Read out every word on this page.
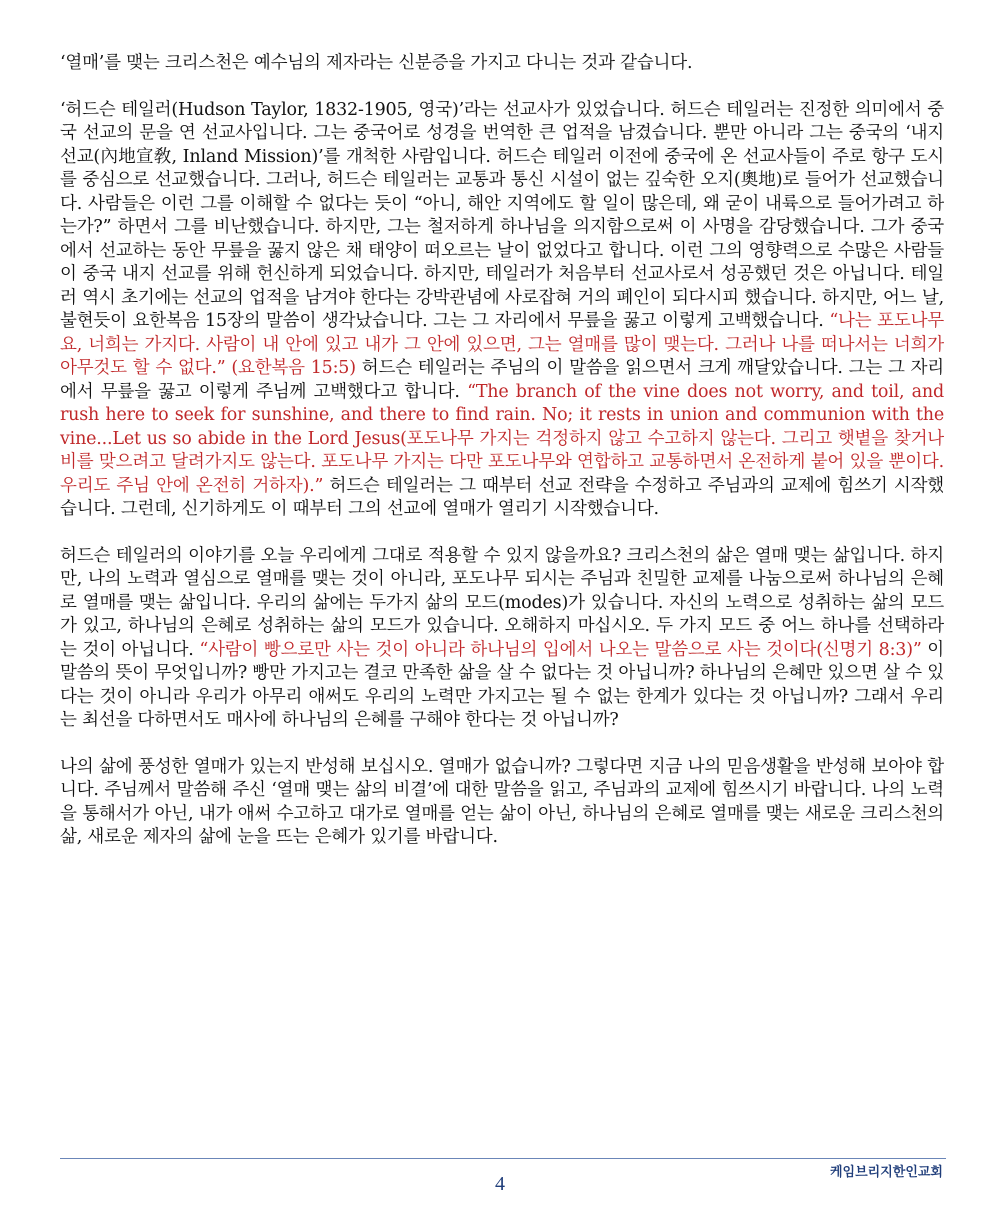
‘열매’를 맺는 크리스천은 예수님의 제자라는 신분증을 가지고 다니는 것과 같습니다.

‘허드슨 테일러(Hudson Taylor, 1832-1905, 영국)’라는 선교사가 있었습니다. 허드슨 테일러는 진정한 의미에서 중국 선교의 문을 연 선교사입니다. 그는 중국어로 성경을 번역한 큰 업적을 남겼습니다. 뿐만 아니라 그는 중국의 ‘내지 선교(內地宣敎, Inland Mission)’를 개척한 사람입니다. 허드슨 테일러 이전에 중국에 온 선교사들이 주로 항구 도시를 중심으로 선교했습니다. 그러나, 허드슨 테일러는 교통과 통신 시설이 없는 깊숙한 오지(奧地)로 들어가 선교했습니다. 사람들은 이런 그를 이해할 수 없다는 듯이 “아니, 해안 지역에도 할 일이 많은데, 왜 굳이 내륙으로 들어가려고 하는가?” 하면서 그를 비난했습니다. 하지만, 그는 철저하게 하나님을 의지함으로써 이 사명을 감당했습니다. 그가 중국에서 선교하는 동안 무릎을 꿇지 않은 채 태양이 떠오르는 날이 없었다고 합니다. 이런 그의 영향력으로 수많은 사람들이 중국 내지 선교를 위해 헌신하게 되었습니다. 하지만, 테일러가 처음부터 선교사로서 성공했던 것은 아닙니다. 테일러 역시 초기에는 선교의 업적을 남겨야 한다는 강박관념에 사로잡혀 거의 폐인이 되다시피 했습니다. 하지만, 어느 날, 불현듯이 요한복음 15장의 말씀이 생각났습니다. 그는 그 자리에서 무릎을 꿇고 이렇게 고백했습니다. “나는 포도나무요, 너희는 가지다. 사람이 내 안에 있고 내가 그 안에 있으면, 그는 열매를 많이 맺는다. 그러나 나를 떠나서는 너희가 아무것도 할 수 없다.” (요한복음 15:5) 허드슨 테일러는 주님의 이 말씀을 읽으면서 크게 깨달았습니다. 그는 그 자리에서 무릎을 꿇고 이렇게 주님께 고백했다고 합니다. “The branch of the vine does not worry, and toil, and rush here to seek for sunshine, and there to find rain. No; it rests in union and communion with the vine...Let us so abide in the Lord Jesus(포도나무 가지는 걱정하지 않고 수고하지 않는다. 그리고 햇볕을 찾거나 비를 맞으려고 달려가지도 않는다. 포도나무 가지는 다만 포도나무와 연합하고 교통하면서 온전하게 붙어 있을 뿐이다. 우리도 주님 안에 온전히 거하자).” 허드슨 테일러는 그 때부터 선교 전략을 수정하고 주님과의 교제에 힘쓰기 시작했습니다. 그런데, 신기하게도 이 때부터 그의 선교에 열매가 열리기 시작했습니다.

허드슨 테일러의 이야기를 오늘 우리에게 그대로 적용할 수 있지 않을까요? 크리스천의 삶은 열매 맺는 삶입니다. 하지만, 나의 노력과 열심으로 열매를 맺는 것이 아니라, 포도나무 되시는 주님과 친밀한 교제를 나눔으로써 하나님의 은혜로 열매를 맺는 삶입니다. 우리의 삶에는 두가지 삶의 모드(modes)가 있습니다. 자신의 노력으로 성취하는 삶의 모드가 있고, 하나님의 은혜로 성취하는 삶의 모드가 있습니다. 오해하지 마십시오. 두 가지 모드 중 어느 하나를 선택하라는 것이 아닙니다. “사람이 빵으로만 사는 것이 아니라 하나님의 입에서 나오는 말씀으로 사는 것이다(신명기 8:3)” 이 말씀의 뜻이 무엇입니까? 빵만 가지고는 결코 만족한 삶을 살 수 없다는 것 아닙니까? 하나님의 은혜만 있으면 살 수 있다는 것이 아니라 우리가 아무리 애써도 우리의 노력만 가지고는 될 수 없는 한계가 있다는 것 아닙니까? 그래서 우리는 최선을 다하면서도 매사에 하나님의 은혜를 구해야 한다는 것 아닙니까?

나의 삶에 풍성한 열매가 있는지 반성해 보십시오. 열매가 없습니까? 그렇다면 지금 나의 믿음생활을 반성해 보아야 합니다. 주님께서 말씀해 주신 ‘열매 맺는 삶의 비결’에 대한 말씀을 읽고, 주님과의 교제에 힘쓰시기 바랍니다. 나의 노력을 통해서가 아닌, 내가 애써 수고하고 대가로 열매를 얻는 삶이 아닌, 하나님의 은혜로 열매를 맺는 새로운 크리스천의 삶, 새로운 제자의 삶에 눈을 뜨는 은혜가 있기를 바랍니다.

4
케임브리지한인교회
